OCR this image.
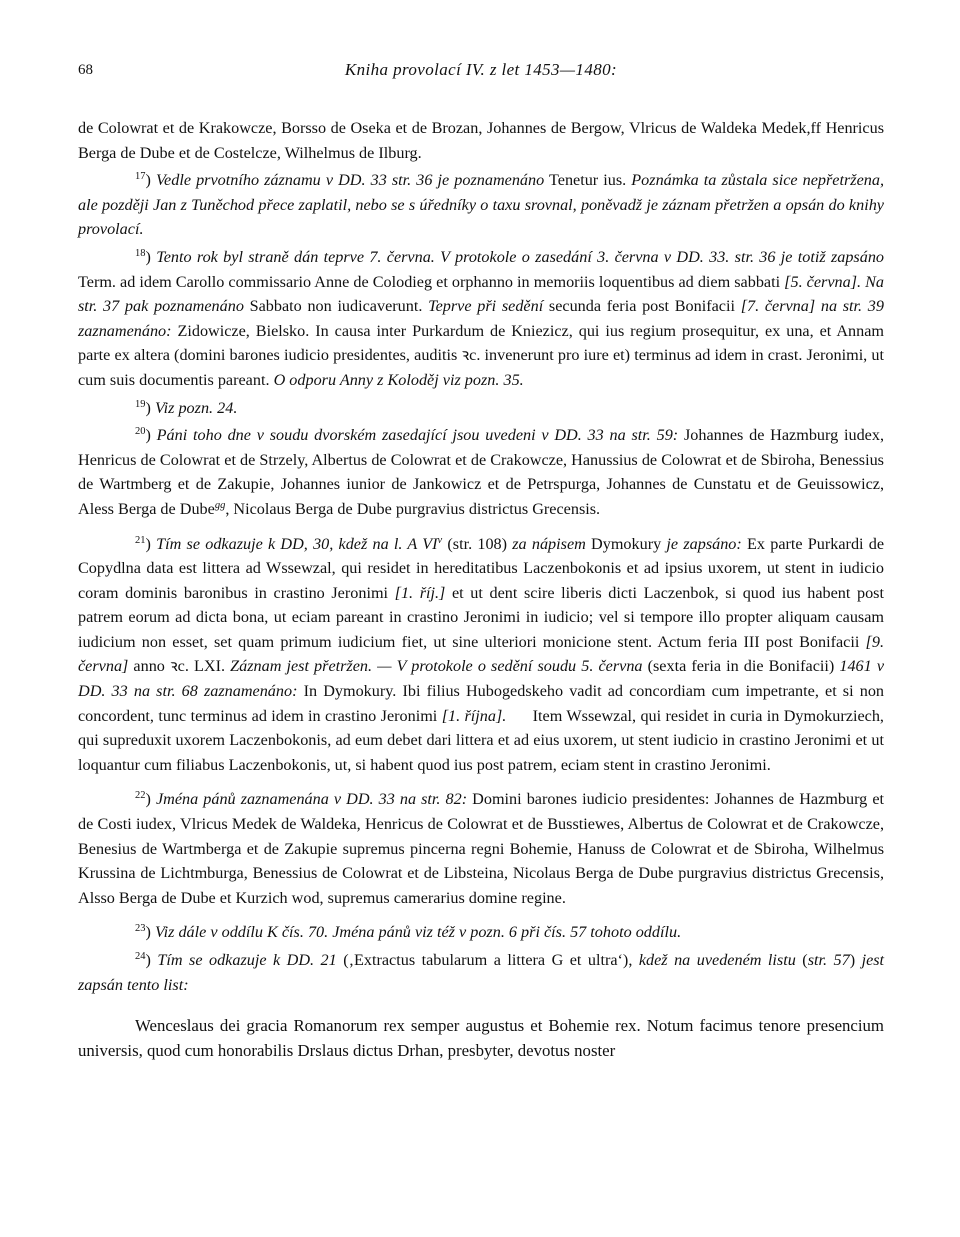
68	Kniha provolací IV. z let 1453—1480:

de Colowrat et de Krakowcze, Borsso de Oseka et de Brozan, Johannes de Bergow, Vlricus de Waldeka Medek,ff Henricus Berga de Dube et de Costelcze, Wilhelmus de Ilburg.

$^{17}$) Vedle prvotního záznamu v DD. 33 str. 36 je poznamenáno Tenetur ius. Poznámka ta zůstala sice nepřetržena, ale později Jan z Tuněchod přece zaplatil, nebo se s úředníky o taxu srovnal, poněvadž je záznam přetržen a opsán do knihy provolací.

$^{18}$) Tento rok byl straně dán teprve 7. června. V protokole o zasedání 3. června v DD. 33. str. 36 je totiž zapsáno Term. ad idem Carollo commissario Anne de Colodieg et orphanno in memoriis loquentibus ad diem sabbati [5. června]. Na str. 37 pak poznamenáno Sabbato non iudicaverunt. Teprve při sedění secunda feria post Bonifacii [7. června] na str. 39 zaznamenáno: Zidowicze, Bielsko. In causa inter Purkardum de Kniezicz, qui ius regium prosequitur, ex una, et Annam parte ex altera (domini barones iudicio presidentes, auditis ꝛc. invenerunt pro iure et) terminus ad idem in crast. Jeronimi, ut cum suis documentis pareant. O odporu Anny z Koloděj viz pozn. 35.

$^{19}$) Viz pozn. 24.

$^{20}$) Páni toho dne v soudu dvorském zasedající jsou uvedeni v DD. 33 na str. 59: Johannes de Hazmburg iudex, Henricus de Colowrat et de Strzely, Albertus de Colowrat et de Crakowcze, Hanussius de Colowrat et de Sbiroha, Benessius de Wartmberg et de Zakupie, Johannes iunior de Jankowicz et de Petrspurga, Johannes de Cunstatu et de Geuissowicz, Aless Berga de Dube$^{gg}$, Nicolaus Berga de Dube purgravius districtus Grecensis.

$^{21}$) Tím se odkazuje k DD, 30, kdež na l. A $VI^v$ (str. 108) za nápisem Dymokury je zapsáno: Ex parte Purkardi de Copydlna data est littera ad Wssewzal, qui residet in hereditatibus Laczenbokonis et ad ipsius uxorem, ut stent in iudicio coram dominis baronibus in crastino Jeronimi [1. říj.] et ut dent scire liberis dicti Laczenbok, si quod ius habent post patrem eorum ad dicta bona, ut eciam pareant in crastino Jeronimi in iudicio; vel si tempore illo propter aliquam causam iudicium non esset, set quam primum iudicium fiet, ut sine ulteriori monicione stent. Actum feria III post Bonifacii [9. června] anno ꝛc. LXI. Záznam jest přetržen. — V protokole o sedění soudu 5. června (sexta feria in die Bonifacii) 1461 v DD. 33 na str. 68 zaznamenáno: In Dymokury. Ibi filius Hubogedskeho vadit ad concordiam cum impetrante, et si non concordent, tunc terminus ad idem in crastino Jeronimi [1. října].      Item Wssewzal, qui residet in curia in Dymokurziech, qui supreduxit uxorem Laczenbokonis, ad eum debet dari littera et ad eius uxorem, ut stent iudicio in crastino Jeronimi et ut loquantur cum filiabus Laczenbokonis, ut, si habent quod ius post patrem, eciam stent in crastino Jeronimi.

$^{22}$) Jména pánů zaznamenána v DD. 33 na str. 82: Domini barones iudicio presidentes: Johannes de Hazmburg et de Costi iudex, Vlricus Medek de Waldeka, Henricus de Colowrat et de Busstiewes, Albertus de Colowrat et de Crakowcze, Benesius de Wartmberga et de Zakupie supremus pincerna regni Bohemie, Hanuss de Colowrat et de Sbiroha, Wilhelmus Krussina de Lichtmburga, Benessius de Colowrat et de Libsteina, Nicolaus Berga de Dube purgravius districtus Grecensis, Alsso Berga de Dube et Kurzich wod, supremus camerarius domine regine.

$^{23}$) Viz dále v oddílu K čís. 70. Jména pánů viz též v pozn. 6 při čís. 57 tohoto oddílu.

$^{24}$) Tím se odkazuje k DD. 21 (‚Extractus tabularum a littera G et ultra‘), kdež na uvedeném listu (str. 57) jest zapsán tento list:

Wenceslaus dei gracia Romanorum rex semper augustus et Bohemie rex. Notum facimus tenore presencium universis, quod cum honorabilis Drslaus dictus Drhan, presbyter, devotus noster
